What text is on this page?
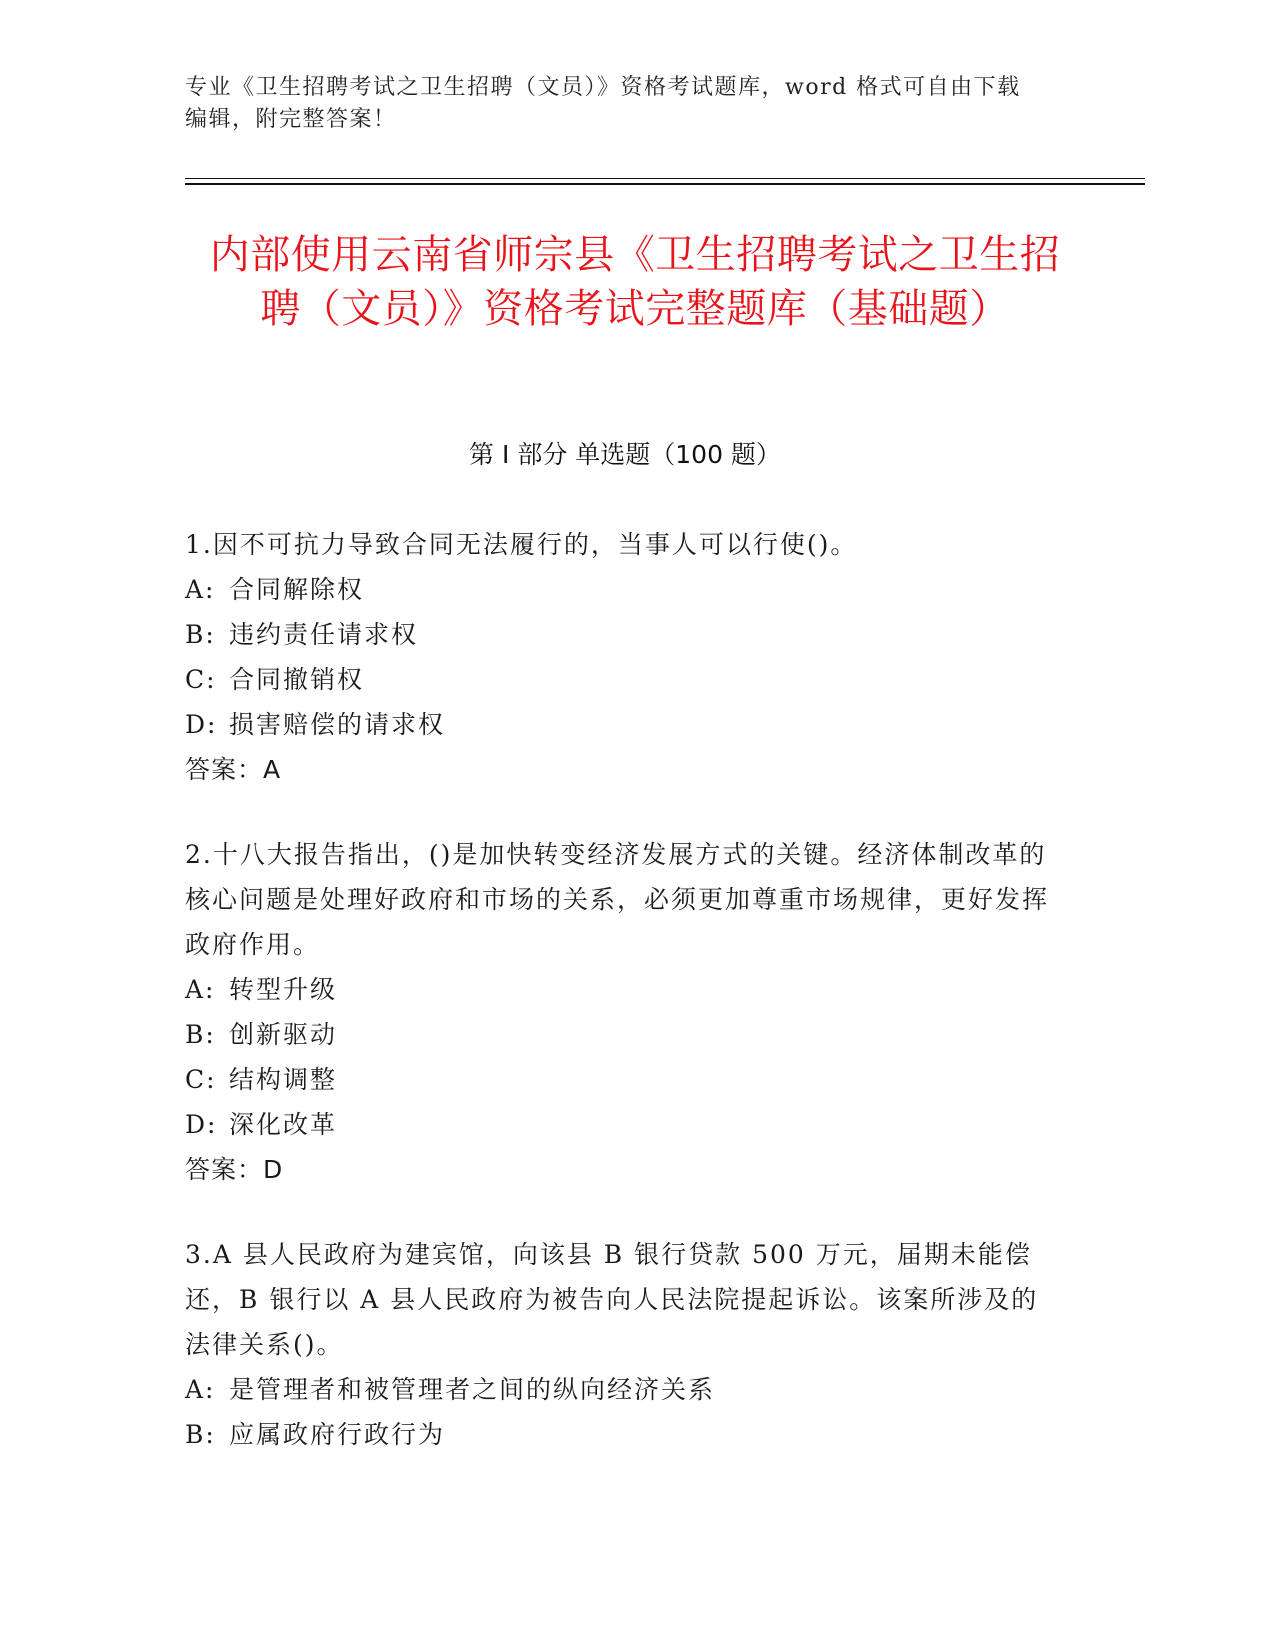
专业《卫生招聘考试之卫生招聘（文员）》资格考试题库，word 格式可自由下载
编辑，附完整答案！
内部使用云南省师宗县《卫生招聘考试之卫生招聘（文员）》资格考试完整题库（基础题）
第 I 部分 单选题（100 题）

1.因不可抗力导致合同无法履行的，当事人可以行使()。

A: 合同解除权
B: 违约责任请求权
C: 合同撤销权
D: 损害赔偿的请求权
答案：A

2.十八大报告指出，()是加快转变经济发展方式的关键。经济体制改革的核心问题是处理好政府和市场的关系，必须更加尊重市场规律，更好发挥政府作用。

A: 转型升级
B: 创新驱动
C: 结构调整
D: 深化改革
答案：D

3.A 县人民政府为建宾馆，向该县 B 银行贷款 500 万元，届期未能偿还，B 银行以 A 县人民政府为被告向人民法院提起诉讼。该案所涉及的法律关系()。

A: 是管理者和被管理者之间的纵向经济关系
B: 应属政府行政行为
